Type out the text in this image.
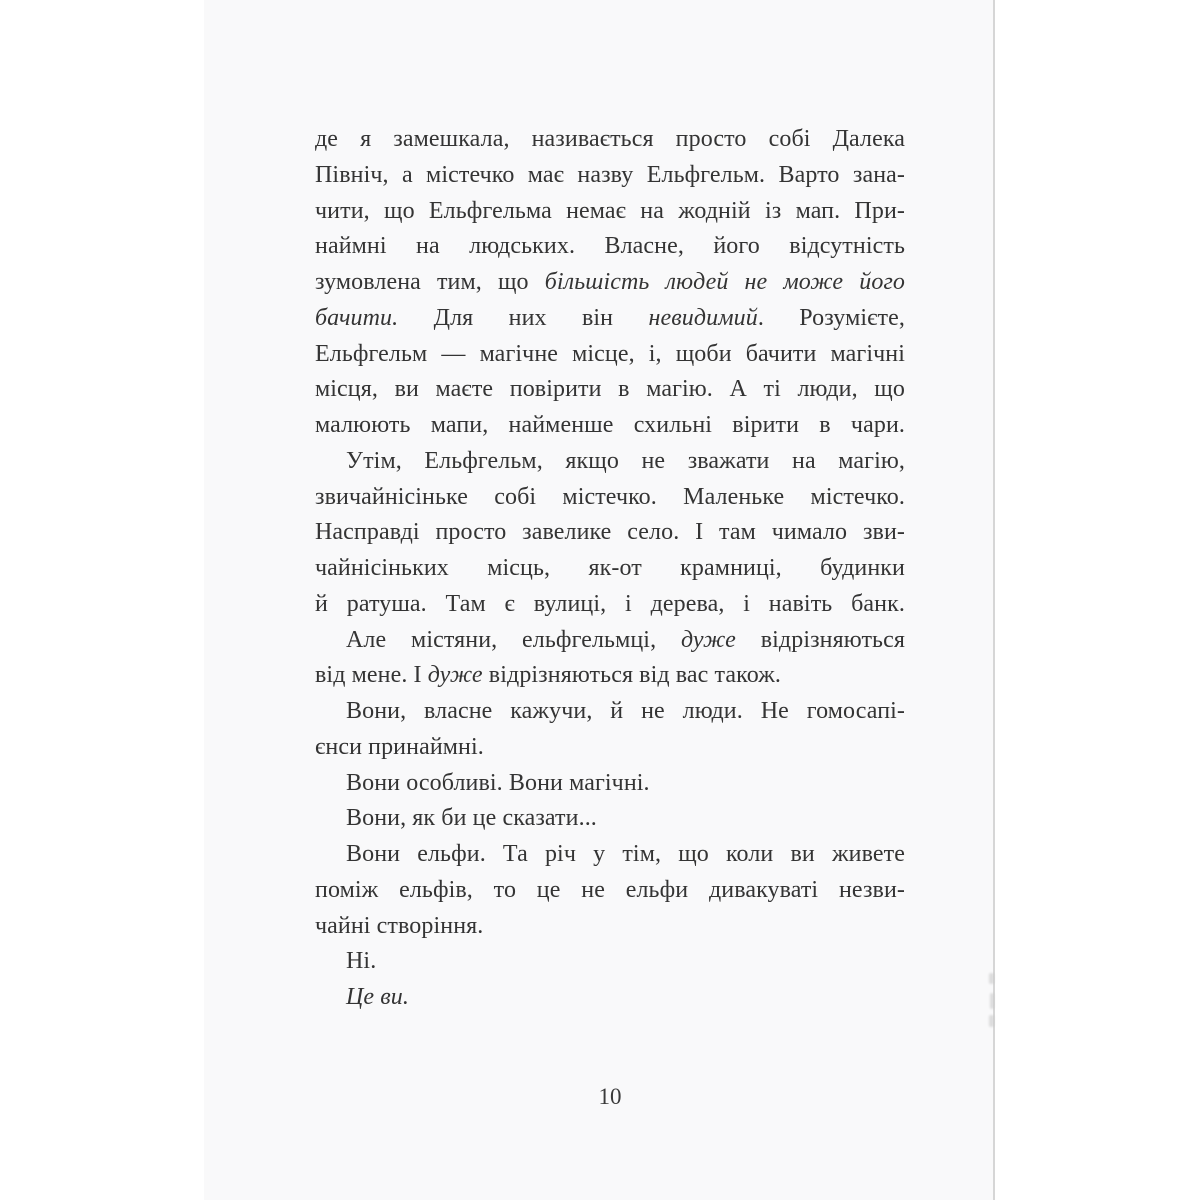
де я замешкала, називається просто собі Далека
Північ, а містечко має назву Ельфгельм. Варто зана-
чити, що Ельфгельма немає на жодній із мап. При-
наймні на людських. Власне, його відсутність
зумовлена тим, що більшість людей не може його
бачити. Для них він невидимий. Розумієте,
Ельфгельм — магічне місце, і, щоби бачити магічні
місця, ви маєте повірити в магію. А ті люди, що
малюють мапи, найменше схильні вірити в чари.
Утім, Ельфгельм, якщо не зважати на магію,
звичайнісіньке собі містечко. Маленьке містечко.
Насправді просто завелике село. І там чимало зви-
чайнісіньких місць, як-от крамниці, будинки
й ратуша. Там є вулиці, і дерева, і навіть банк.
Але містяни, ельфгельмці, дуже відрізняються
від мене. І дуже відрізняються від вас також.
Вони, власне кажучи, й не люди. Не гомосапі-
єнси принаймні.
Вони особливі. Вони магічні.
Вони, як би це сказати...
Вони ельфи. Та річ у тім, що коли ви живете
поміж ельфів, то це не ельфи дивакуваті незви-
чайні створіння.
Ні.
Це ви.
10
